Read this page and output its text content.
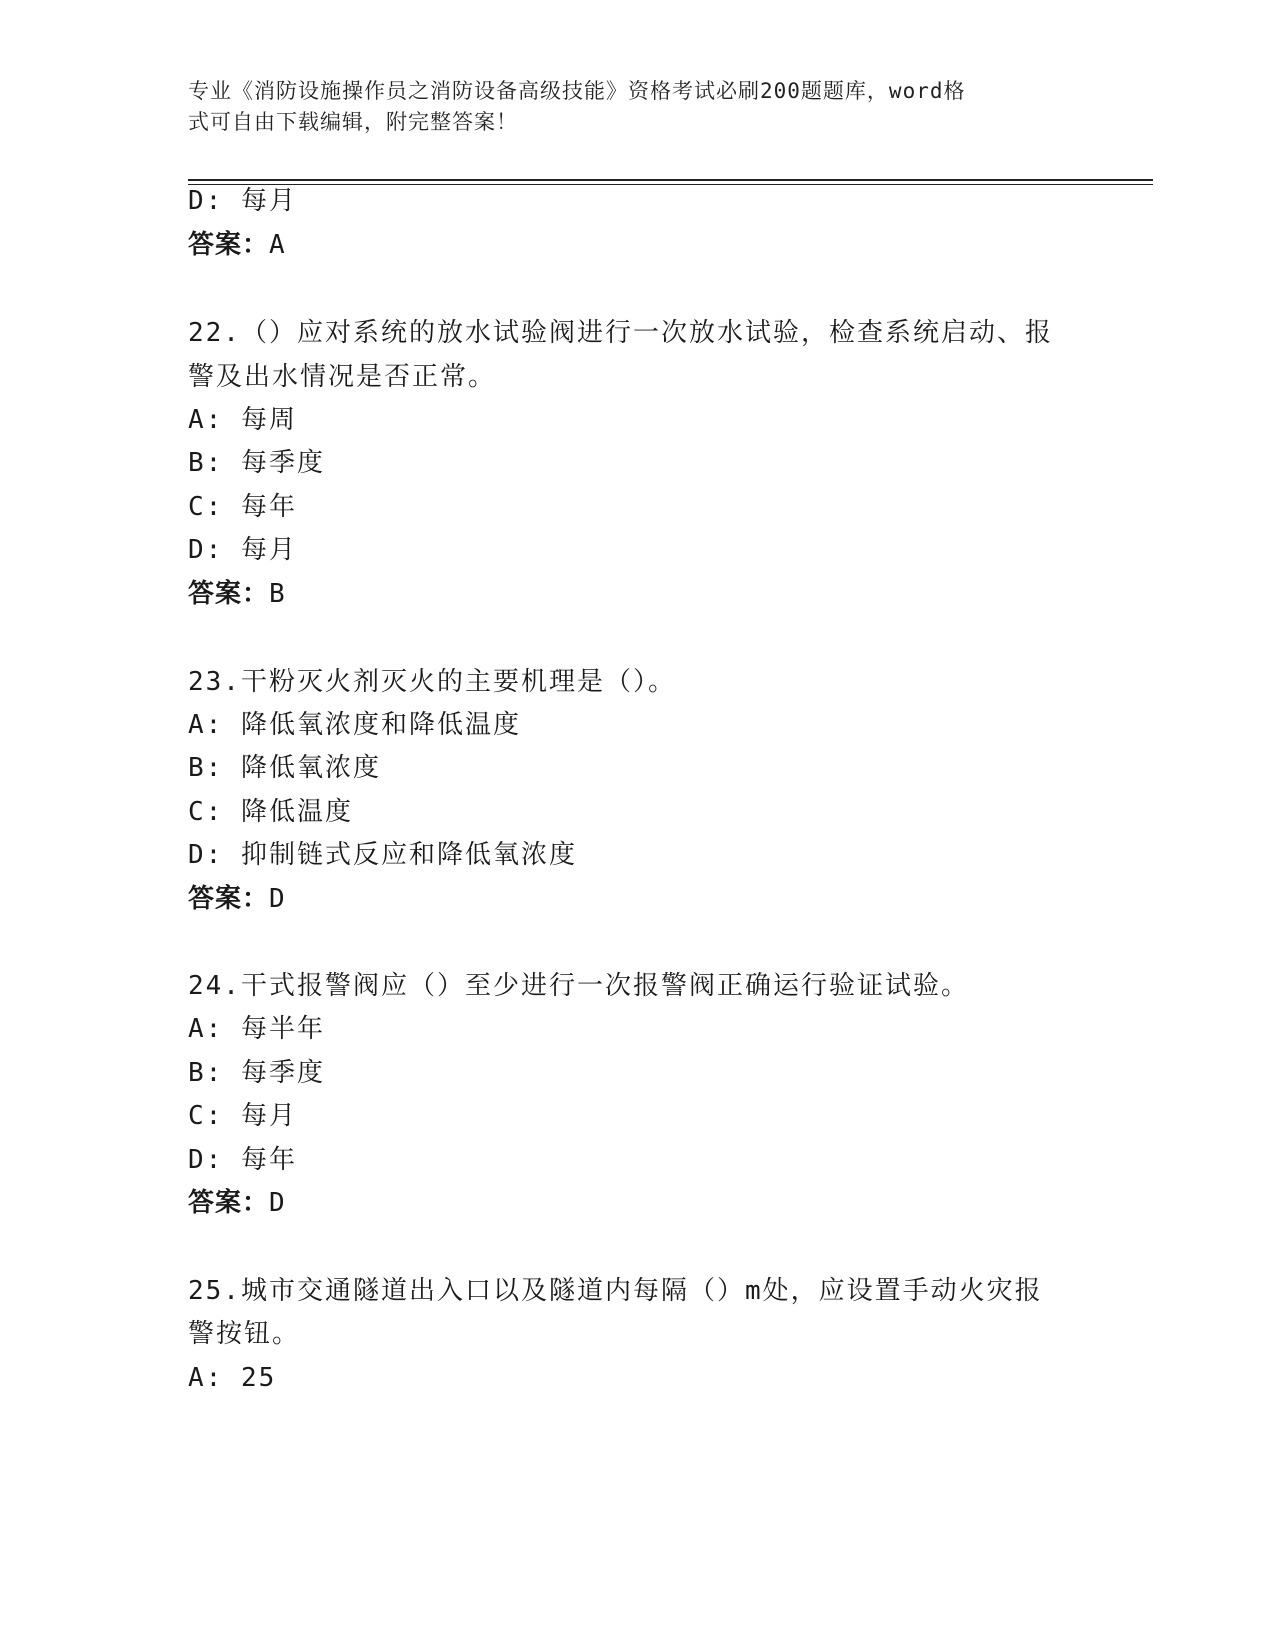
专业《消防设施操作员之消防设备高级技能》资格考试必刷200题题库，word格
式可自由下载编辑，附完整答案！
D: 每月
答案：A
22.（）应对系统的放水试验阀进行一次放水试验，检查系统启动、报
警及出水情况是否正常。
A: 每周
B: 每季度
C: 每年
D: 每月
答案：B
23.干粉灭火剂灭火的主要机理是（）。
A: 降低氧浓度和降低温度
B: 降低氧浓度
C: 降低温度
D: 抑制链式反应和降低氧浓度
答案：D
24.干式报警阀应（）至少进行一次报警阀正确运行验证试验。
A: 每半年
B: 每季度
C: 每月
D: 每年
答案：D
25.城市交通隧道出入口以及隧道内每隔（）m处，应设置手动火灾报
警按钮。
A: 25
